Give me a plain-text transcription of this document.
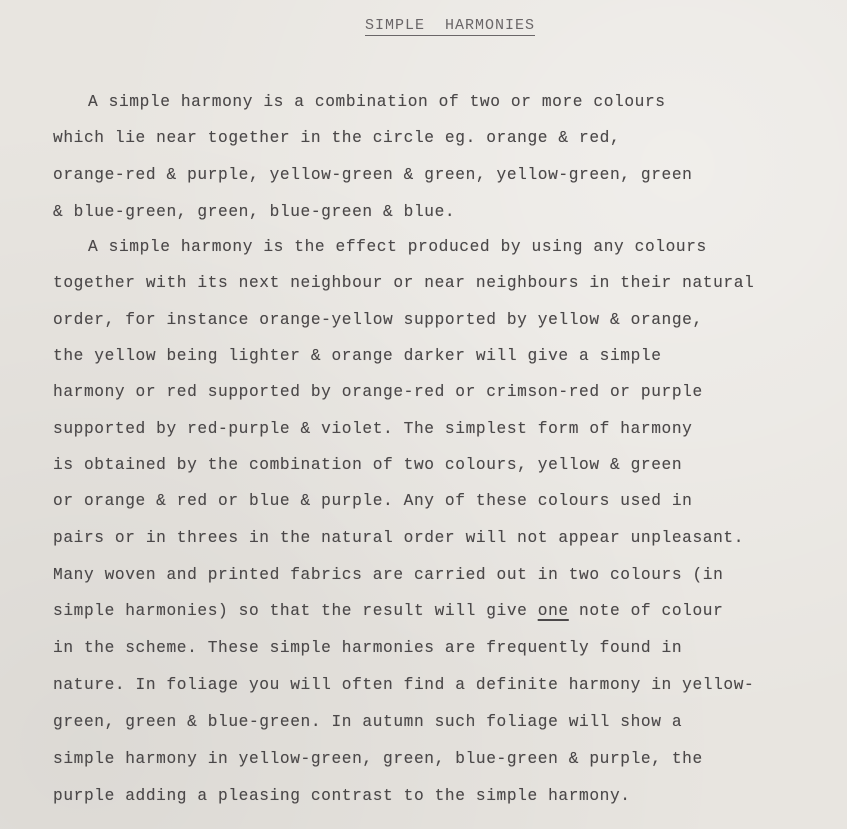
SIMPLE  HARMONIES
A simple harmony is a combination of two or more colours
which lie near together in the circle eg. orange & red,
orange-red & purple, yellow-green & green, yellow-green, green
& blue-green, green, blue-green & blue.
A simple harmony is the effect produced by using any colours
together with its next neighbour or near neighbours in their natural
order, for instance orange-yellow supported by yellow & orange,
the yellow being lighter & orange darker will give a simple
harmony or red supported by orange-red or crimson-red or purple
supported by red-purple & violet. The simplest form of harmony
is obtained by the combination of two colours, yellow & green
or orange & red or blue & purple. Any of these colours used in
pairs or in threes in the natural order will not appear unpleasant.
Many woven and printed fabrics are carried out in two colours (in
simple harmonies) so that the result will give one note of colour
in the scheme. These simple harmonies are frequently found in
nature. In foliage you will often find a definite harmony in yellow-
green, green & blue-green. In autumn such foliage will show a
simple harmony in yellow-green, green, blue-green & purple, the
purple adding a pleasing contrast to the simple harmony.
